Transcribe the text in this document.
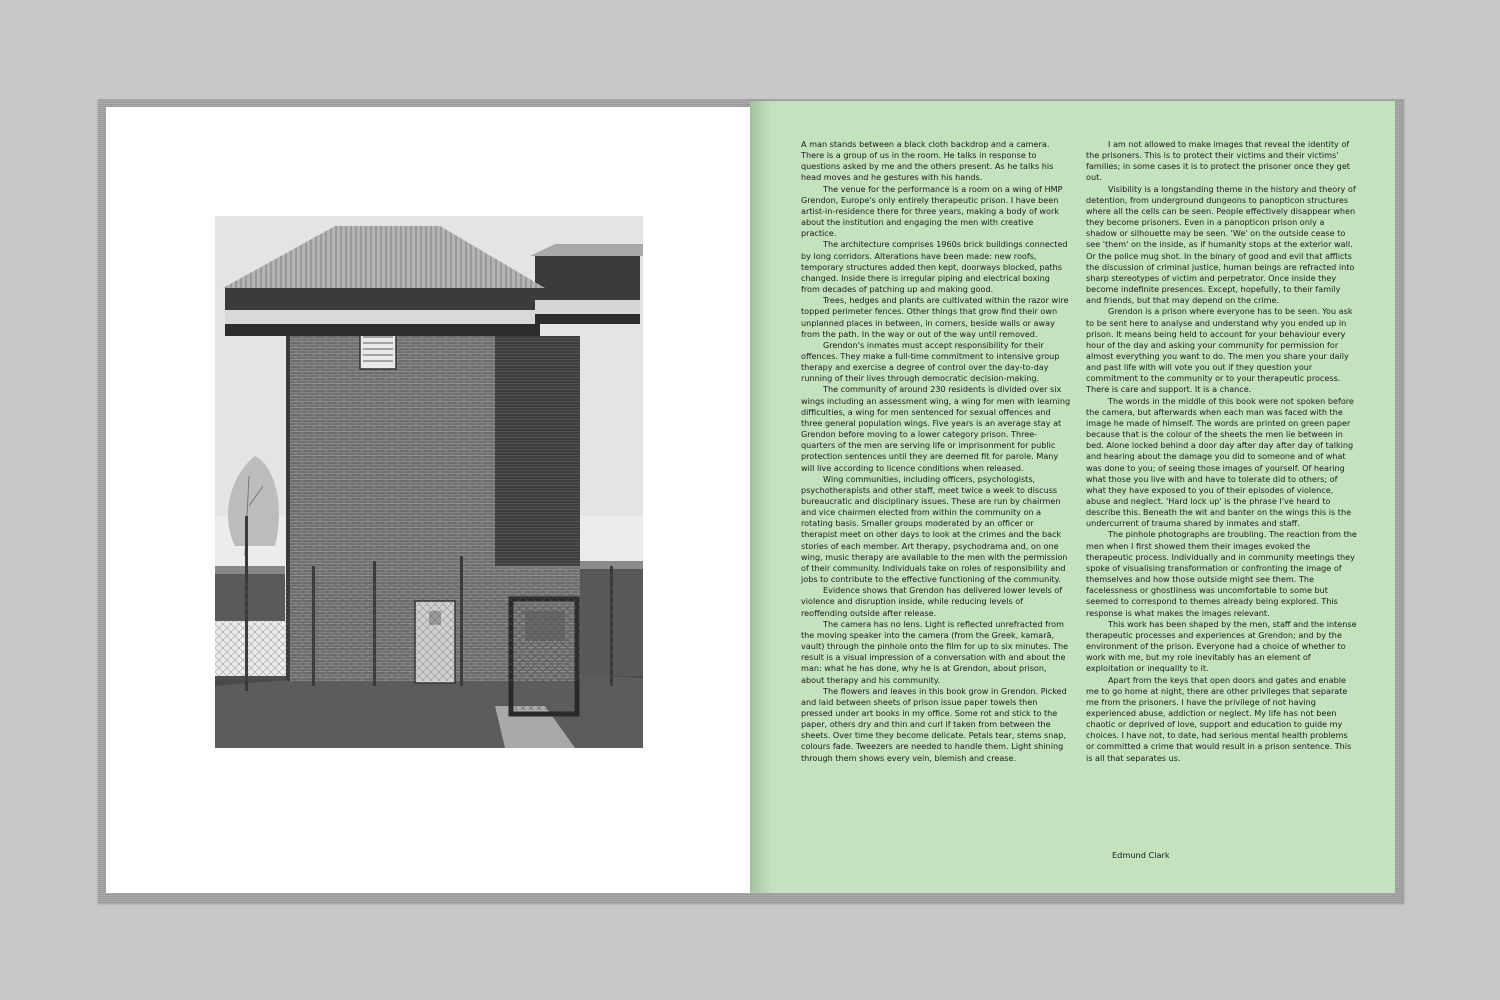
A man stands between a black cloth backdrop and a camera. There is a group of us in the room. He talks in response to questions asked by me and the others present. As he talks his head moves and he gestures with his hands.

The venue for the performance is a room on a wing of HMP Grendon, Europe's only entirely therapeutic prison. I have been artist-in-residence there for three years, making a body of work about the institution and engaging the men with creative practice.

The architecture comprises 1960s brick buildings connected by long corridors. Alterations have been made: new roofs, temporary structures added then kept, doorways blocked, paths changed. Inside there is irregular piping and electrical boxing from decades of patching up and making good.

Trees, hedges and plants are cultivated within the razor wire topped perimeter fences. Other things that grow find their own unplanned places in between, in corners, beside walls or away from the path. In the way or out of the way until removed.

Grendon's inmates must accept responsibility for their offences. They make a full-time commitment to intensive group therapy and exercise a degree of control over the day-to-day running of their lives through democratic decision-making.

The community of around 230 residents is divided over six wings including an assessment wing, a wing for men with learning difficulties, a wing for men sentenced for sexual offences and three general population wings. Five years is an average stay at Grendon before moving to a lower category prison. Three-quarters of the men are serving life or imprisonment for public protection sentences until they are deemed fit for parole. Many will live according to licence conditions when released.

Wing communities, including officers, psychologists, psychotherapists and other staff, meet twice a week to discuss bureaucratic and disciplinary issues. These are run by chairmen and vice chairmen elected from within the community on a rotating basis. Smaller groups moderated by an officer or therapist meet on other days to look at the crimes and the back stories of each member. Art therapy, psychodrama and, on one wing, music therapy are available to the men with the permission of their community. Individuals take on roles of responsibility and jobs to contribute to the effective functioning of the community.

Evidence shows that Grendon has delivered lower levels of violence and disruption inside, while reducing levels of reoffending outside after release.

The camera has no lens. Light is reflected unrefracted from the moving speaker into the camera (from the Greek, kamarā, vault) through the pinhole onto the film for up to six minutes. The result is a visual impression of a conversation with and about the man: what he has done, why he is at Grendon, about prison, about therapy and his community.

The flowers and leaves in this book grow in Grendon. Picked and laid between sheets of prison issue paper towels then pressed under art books in my office. Some rot and stick to the paper, others dry and thin and curl if taken from between the sheets. Over time they become delicate. Petals tear, stems snap, colours fade. Tweezers are needed to handle them. Light shining through them shows every vein, blemish and crease.

I am not allowed to make images that reveal the identity of the prisoners. This is to protect their victims and their victims' families; in some cases it is to protect the prisoner once they get out.

Visibility is a longstanding theme in the history and theory of detention, from underground dungeons to panopticon structures where all the cells can be seen. People effectively disappear when they become prisoners. Even in a panopticon prison only a shadow or silhouette may be seen. 'We' on the outside cease to see 'them' on the inside, as if humanity stops at the exterior wall. Or the police mug shot. In the binary of good and evil that afflicts the discussion of criminal justice, human beings are refracted into sharp stereotypes of victim and perpetrator. Once inside they become indefinite presences. Except, hopefully, to their family and friends, but that may depend on the crime.

Grendon is a prison where everyone has to be seen. You ask to be sent here to analyse and understand why you ended up in prison. It means being held to account for your behaviour every hour of the day and asking your community for permission for almost everything you want to do. The men you share your daily and past life with will vote you out if they question your commitment to the community or to your therapeutic process. There is care and support. It is a chance.

The words in the middle of this book were not spoken before the camera, but afterwards when each man was faced with the image he made of himself. The words are printed on green paper because that is the colour of the sheets the men lie between in bed. Alone locked behind a door day after day after day of talking and hearing about the damage you did to someone and of what was done to you; of seeing those images of yourself. Of hearing what those you live with and have to tolerate did to others; of what they have exposed to you of their episodes of violence, abuse and neglect. 'Hard lock up' is the phrase I've heard to describe this. Beneath the wit and banter on the wings this is the undercurrent of trauma shared by inmates and staff.

The pinhole photographs are troubling. The reaction from the men when I first showed them their images evoked the therapeutic process. Individually and in community meetings they spoke of visualising transformation or confronting the image of themselves and how those outside might see them. The facelessness or ghostliness was uncomfortable to some but seemed to correspond to themes already being explored. This response is what makes the images relevant.

This work has been shaped by the men, staff and the intense therapeutic processes and experiences at Grendon; and by the environment of the prison. Everyone had a choice of whether to work with me, but my role inevitably has an element of exploitation or inequality to it.

Apart from the keys that open doors and gates and enable me to go home at night, there are other privileges that separate me from the prisoners. I have the privilege of not having experienced abuse, addiction or neglect. My life has not been chaotic or deprived of love, support and education to guide my choices. I have not, to date, had serious mental health problems or committed a crime that would result in a prison sentence. This is all that separates us.

Edmund Clark
